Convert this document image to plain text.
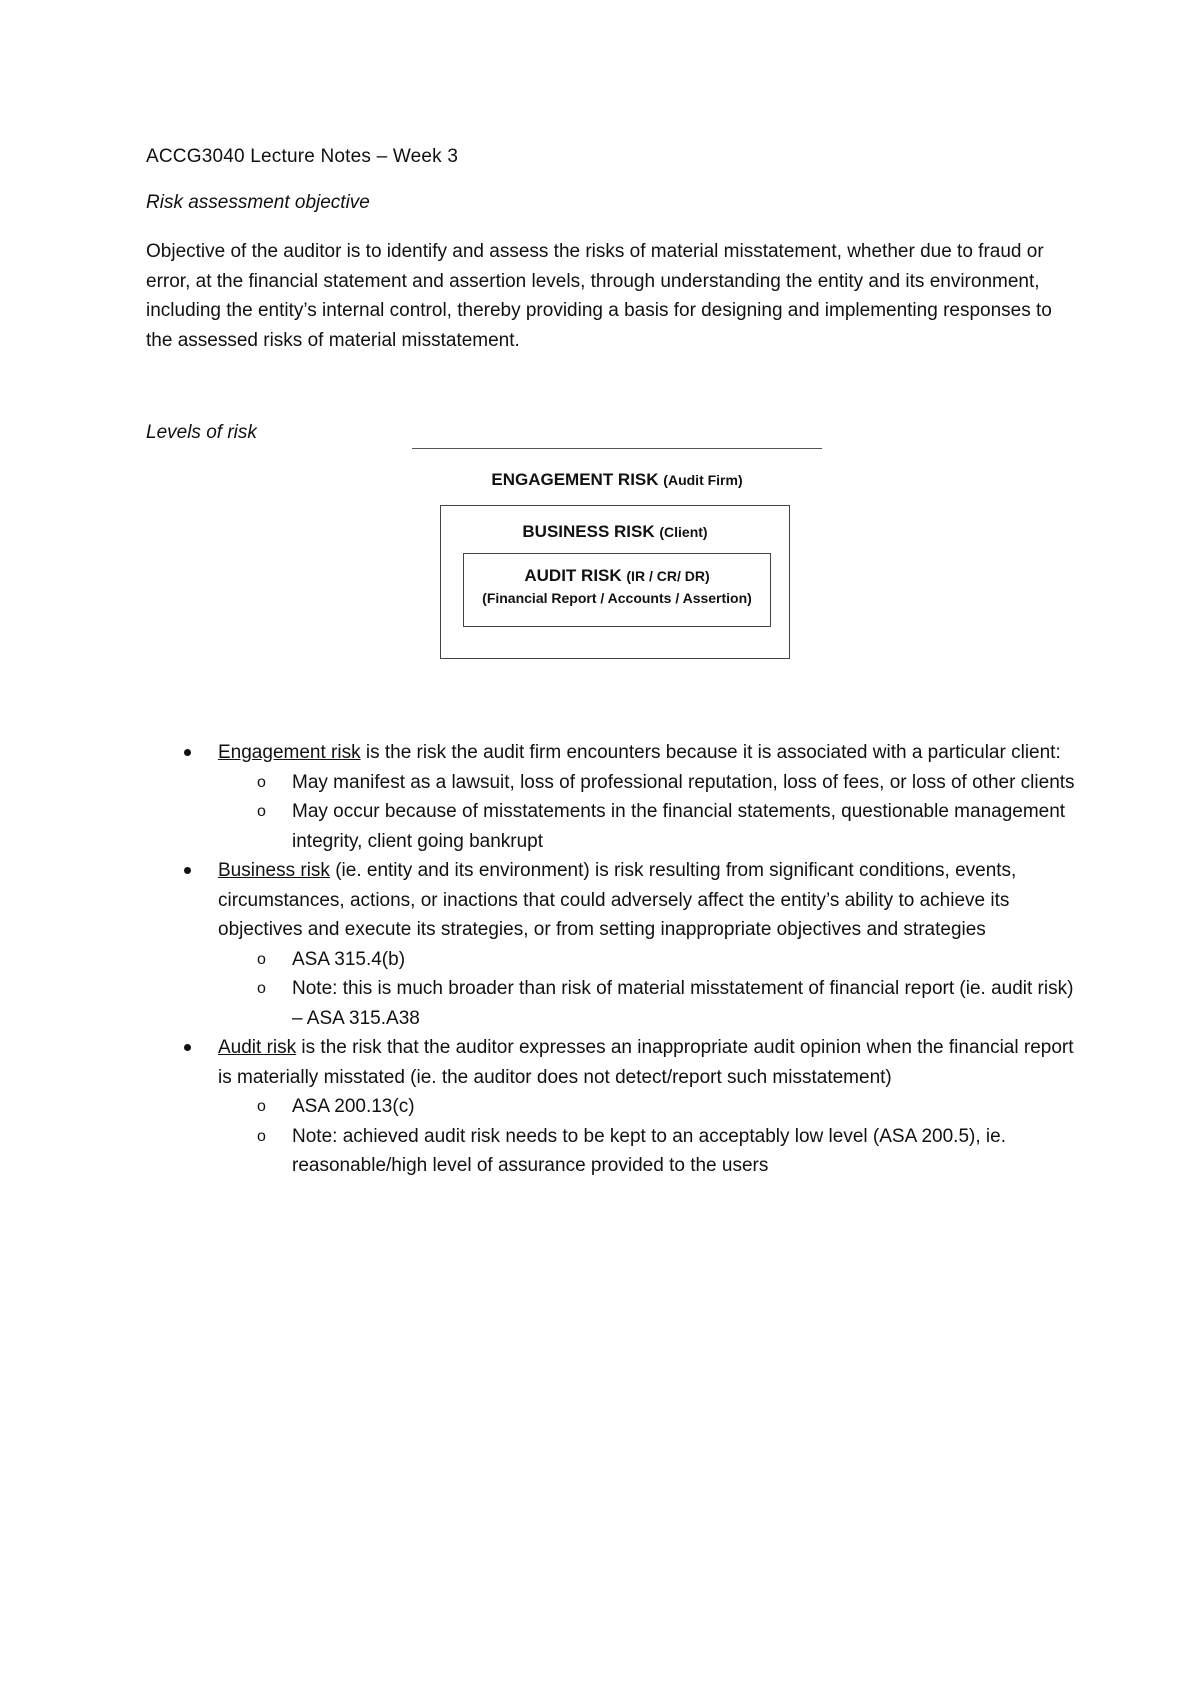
ACCG3040 Lecture Notes – Week 3
Risk assessment objective
Objective of the auditor is to identify and assess the risks of material misstatement, whether due to fraud or error, at the financial statement and assertion levels, through understanding the entity and its environment, including the entity’s internal control, thereby providing a basis for designing and implementing responses to the assessed risks of material misstatement.
Levels of risk
ENGAGEMENT RISK (Audit Firm)
BUSINESS RISK (Client)
AUDIT RISK (IR / CR/ DR)
(Financial Report / Accounts / Assertion)
Engagement risk is the risk the audit firm encounters because it is associated with a particular client:
o May manifest as a lawsuit, loss of professional reputation, loss of fees, or loss of other clients
o May occur because of misstatements in the financial statements, questionable management integrity, client going bankrupt
Business risk (ie. entity and its environment) is risk resulting from significant conditions, events, circumstances, actions, or inactions that could adversely affect the entity’s ability to achieve its objectives and execute its strategies, or from setting inappropriate objectives and strategies
o ASA 315.4(b)
o Note: this is much broader than risk of material misstatement of financial report (ie. audit risk) – ASA 315.A38
Audit risk is the risk that the auditor expresses an inappropriate audit opinion when the financial report is materially misstated (ie. the auditor does not detect/report such misstatement)
o ASA 200.13(c)
o Note: achieved audit risk needs to be kept to an acceptably low level (ASA 200.5), ie. reasonable/high level of assurance provided to the users
